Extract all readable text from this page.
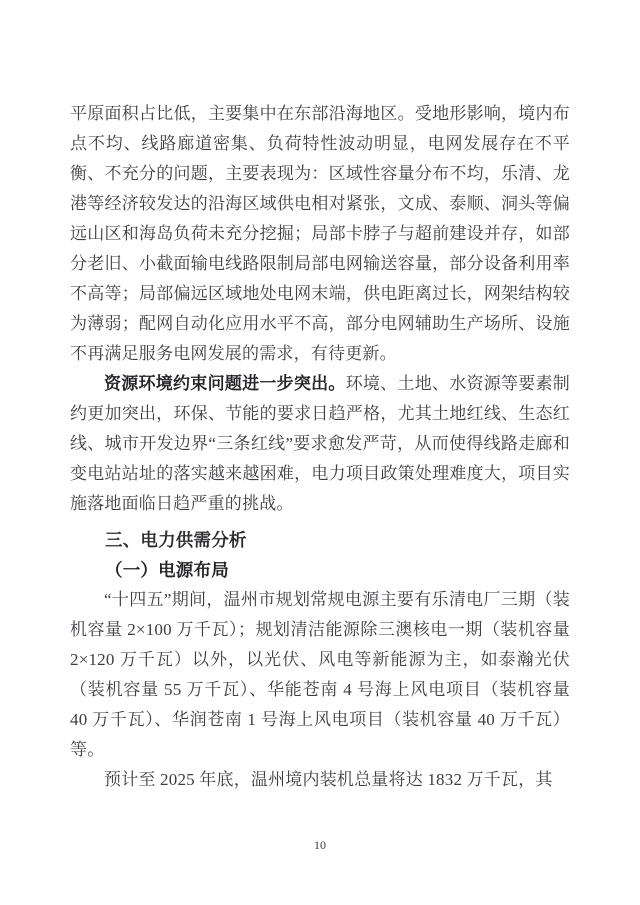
平原面积占比低，主要集中在东部沿海地区。受地形影响，境内布点不均、线路廊道密集、负荷特性波动明显，电网发展存在不平衡、不充分的问题，主要表现为：区域性容量分布不均，乐清、龙港等经济较发达的沿海区域供电相对紧张，文成、泰顺、洞头等偏远山区和海岛负荷未充分挖掘；局部卡脖子与超前建设并存，如部分老旧、小截面输电线路限制局部电网输送容量，部分设备利用率不高等；局部偏远区域地处电网末端，供电距离过长，网架结构较为薄弱；配网自动化应用水平不高，部分电网辅助生产场所、设施不再满足服务电网发展的需求，有待更新。

资源环境约束问题进一步突出。环境、土地、水资源等要素制约更加突出，环保、节能的要求日趋严格，尤其土地红线、生态红线、城市开发边界“三条红线”要求愈发严苛，从而使得线路走廊和变电站站址的落实越来越困难，电力项目政策处理难度大，项目实施落地面临日趋严重的挑战。

三、电力供需分析
（一）电源布局

“十四五”期间，温州市规划常规电源主要有乐清电厂三期（装机容量 2×100 万千瓦）；规划清洁能源除三澳核电一期（装机容量 2×120 万千瓦）以外，以光伏、风电等新能源为主，如泰瀚光伏（装机容量 55 万千瓦）、华能苍南 4 号海上风电项目（装机容量 40 万千瓦）、华润苍南 1 号海上风电项目（装机容量 40 万千瓦）等。

预计至 2025 年底，温州境内装机总量将达 1832 万千瓦，其

10
